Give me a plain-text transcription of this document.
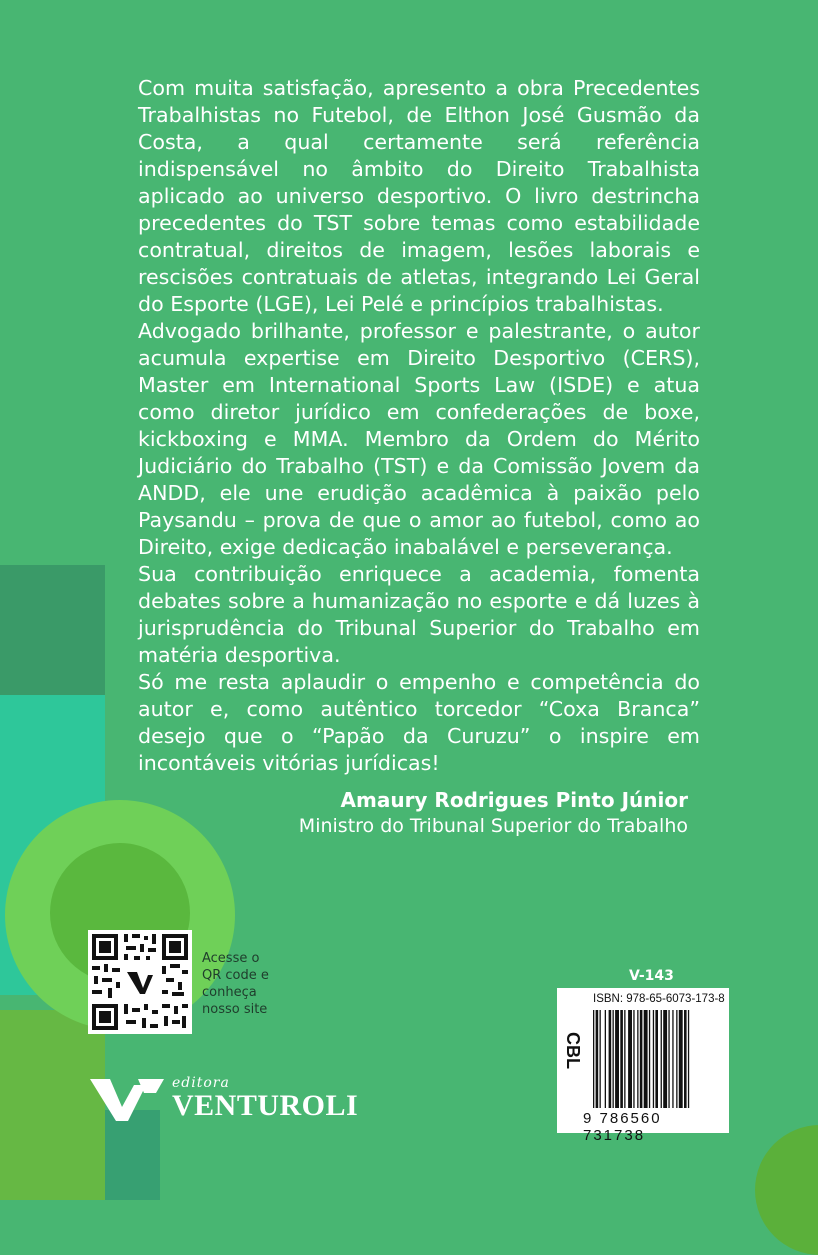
Com muita satisfação, apresento a obra Precedentes Trabalhistas no Futebol, de Elthon José Gusmão da Costa, a qual certamente será referência indispensável no âmbito do Direito Trabalhista aplicado ao universo desportivo. O livro destrincha precedentes do TST sobre temas como estabilidade contratual, direitos de imagem, lesões laborais e rescisões contratuais de atletas, integrando Lei Geral do Esporte (LGE), Lei Pelé e princípios trabalhistas.

Advogado brilhante, professor e palestrante, o autor acumula expertise em Direito Desportivo (CERS), Master em International Sports Law (ISDE) e atua como diretor jurídico em confederações de boxe, kickboxing e MMA. Membro da Ordem do Mérito Judiciário do Trabalho (TST) e da Comissão Jovem da ANDD, ele une erudição acadêmica à paixão pelo Paysandu – prova de que o amor ao futebol, como ao Direito, exige dedicação inabalável e perseverança.

Sua contribuição enriquece a academia, fomenta debates sobre a humanização no esporte e dá luzes à jurisprudência do Tribunal Superior do Trabalho em matéria desportiva.

Só me resta aplaudir o empenho e competência do autor e, como autêntico torcedor “Coxa Branca” desejo que o “Papão da Curuzu” o inspire em incontáveis vitórias jurídicas!

Amaury Rodrigues Pinto Júnior
Ministro do Tribunal Superior do Trabalho
Acesse o
QR code e
conheça
nosso site
editora
VENTUROLI
V-143
ISBN: 978-65-6073-173-8
CBL
9 786560 731738
